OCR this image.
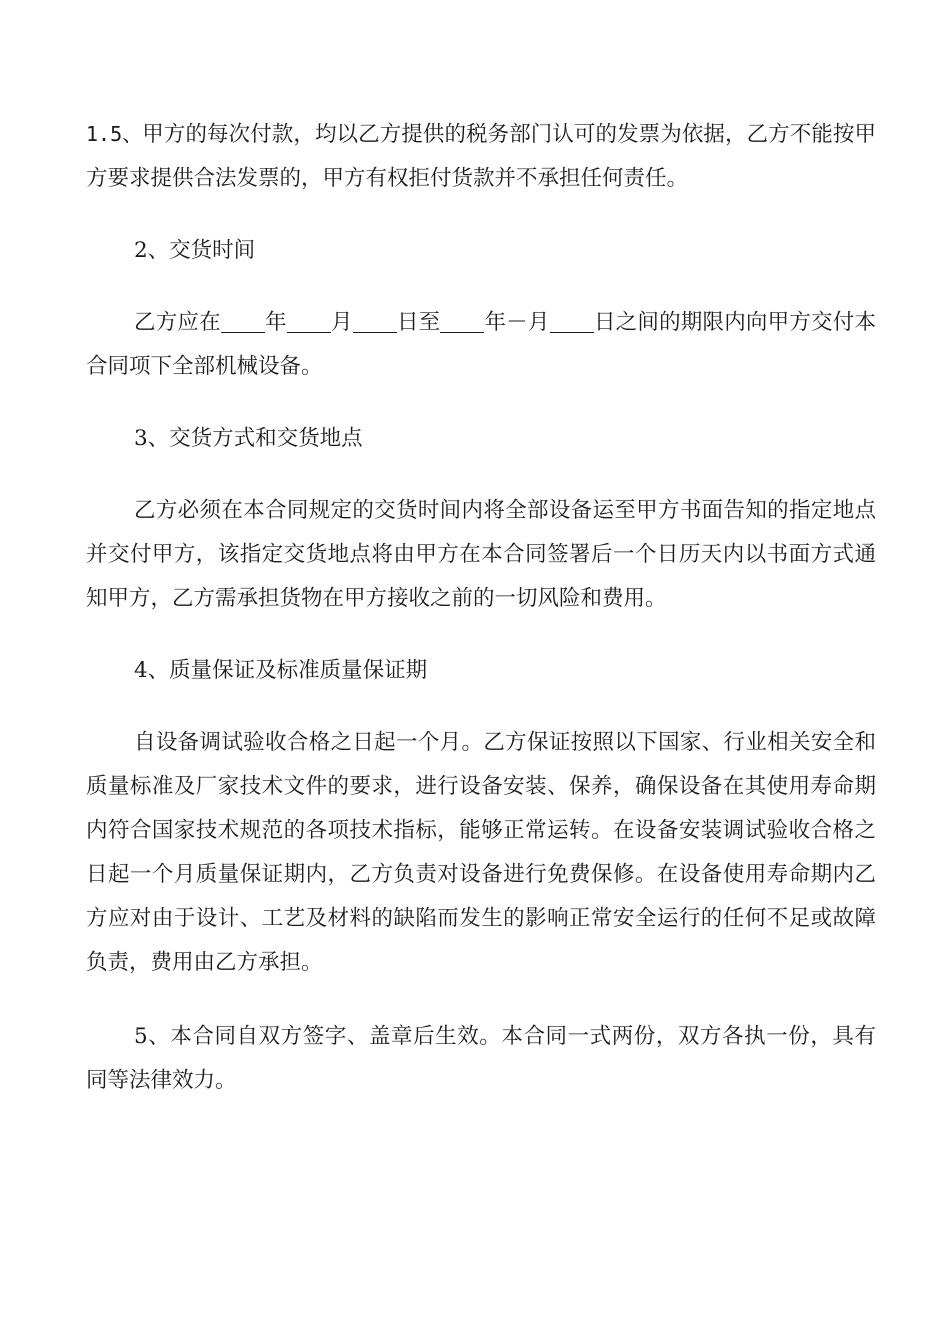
1.5、甲方的每次付款，均以乙方提供的税务部门认可的发票为依据，乙方不能按甲方要求提供合法发票的，甲方有权拒付货款并不承担任何责任。

2、交货时间

乙方应在 年 月 日至 年－月 日之间的期限内向甲方交付本合同项下全部机械设备。

3、交货方式和交货地点

乙方必须在本合同规定的交货时间内将全部设备运至甲方书面告知的指定地点并交付甲方，该指定交货地点将由甲方在本合同签署后一个日历天内以书面方式通知甲方，乙方需承担货物在甲方接收之前的一切风险和费用。

4、质量保证及标准质量保证期

自设备调试验收合格之日起一个月。乙方保证按照以下国家、行业相关安全和质量标准及厂家技术文件的要求，进行设备安装、保养，确保设备在其使用寿命期内符合国家技术规范的各项技术指标，能够正常运转。在设备安装调试验收合格之日起一个月质量保证期内，乙方负责对设备进行免费保修。在设备使用寿命期内乙方应对由于设计、工艺及材料的缺陷而发生的影响正常安全运行的任何不足或故障负责，费用由乙方承担。

5、本合同自双方签字、盖章后生效。本合同一式两份，双方各执一份，具有同等法律效力。
